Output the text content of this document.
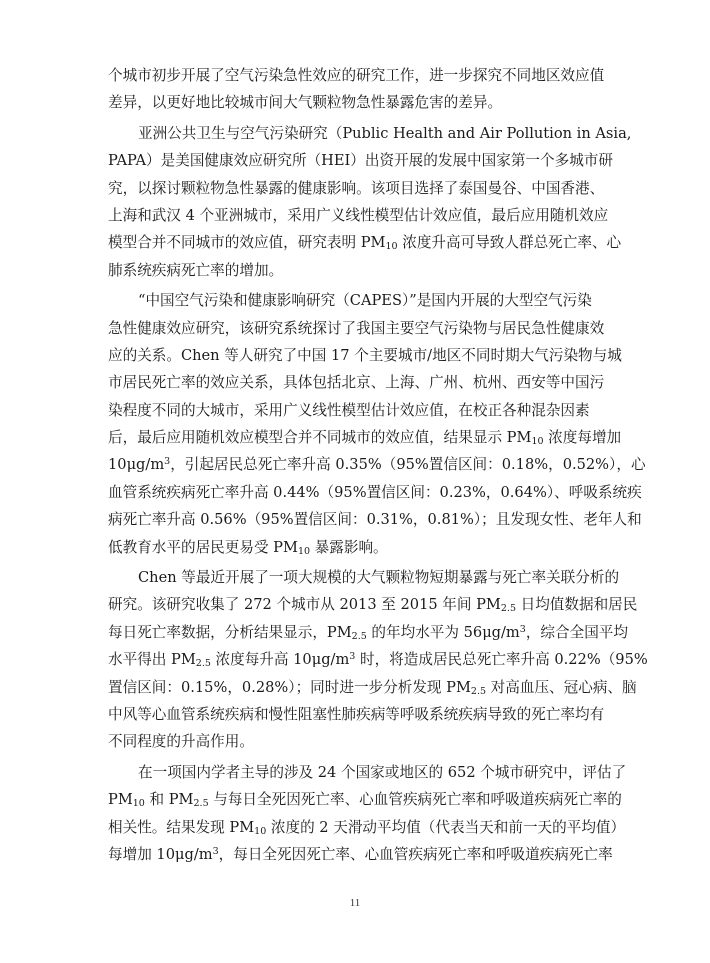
个城市初步开展了空气污染急性效应的研究工作，进一步探究不同地区效应值
差异，以更好地比较城市间大气颗粒物急性暴露危害的差异。
亚洲公共卫生与空气污染研究（Public Health and Air Pollution in Asia,
PAPA）是美国健康效应研究所（HEI）出资开展的发展中国家第一个多城市研
究，以探讨颗粒物急性暴露的健康影响。该项目选择了泰国曼谷、中国香港、
上海和武汉 4 个亚洲城市，采用广义线性模型估计效应值，最后应用随机效应
模型合并不同城市的效应值，研究表明 $PM_{10}$ 浓度升高可导致人群总死亡率、心
肺系统疾病死亡率的增加。
“中国空气污染和健康影响研究（CAPES）”是国内开展的大型空气污染
急性健康效应研究，该研究系统探讨了我国主要空气污染物与居民急性健康效
应的关系。Chen 等人研究了中国 17 个主要城市/地区不同时期大气污染物与城
市居民死亡率的效应关系，具体包括北京、上海、广州、杭州、西安等中国污
染程度不同的大城市，采用广义线性模型估计效应值，在校正各种混杂因素
后，最后应用随机效应模型合并不同城市的效应值，结果显示 $PM_{10}$ 浓度每增加
$10\mu g/m^3$，引起居民总死亡率升高 0.35%（95%置信区间：0.18%，0.52%），心
血管系统疾病死亡率升高 0.44%（95%置信区间：0.23%，0.64%）、呼吸系统疾
病死亡率升高 0.56%（95%置信区间：0.31%，0.81%）；且发现女性、老年人和
低教育水平的居民更易受 $PM_{10}$ 暴露影响。
Chen 等最近开展了一项大规模的大气颗粒物短期暴露与死亡率关联分析的
研究。该研究收集了 272 个城市从 2013 至 2015 年间 $PM_{2.5}$ 日均值数据和居民
每日死亡率数据，分析结果显示，$PM_{2.5}$ 的年均水平为 $56\mu g/m^3$，综合全国平均
水平得出 $PM_{2.5}$ 浓度每升高 $10\mu g/m^3$ 时，将造成居民总死亡率升高 0.22%（95%
置信区间：0.15%，0.28%）；同时进一步分析发现 $PM_{2.5}$ 对高血压、冠心病、脑
中风等心血管系统疾病和慢性阻塞性肺疾病等呼吸系统疾病导致的死亡率均有
不同程度的升高作用。
在一项国内学者主导的涉及 24 个国家或地区的 652 个城市研究中，评估了
$PM_{10}$ 和 $PM_{2.5}$ 与每日全死因死亡率、心血管疾病死亡率和呼吸道疾病死亡率的
相关性。结果发现 $PM_{10}$ 浓度的 2 天滑动平均值（代表当天和前一天的平均值）
每增加 $10\mu g/m^3$，每日全死因死亡率、心血管疾病死亡率和呼吸道疾病死亡率
11
